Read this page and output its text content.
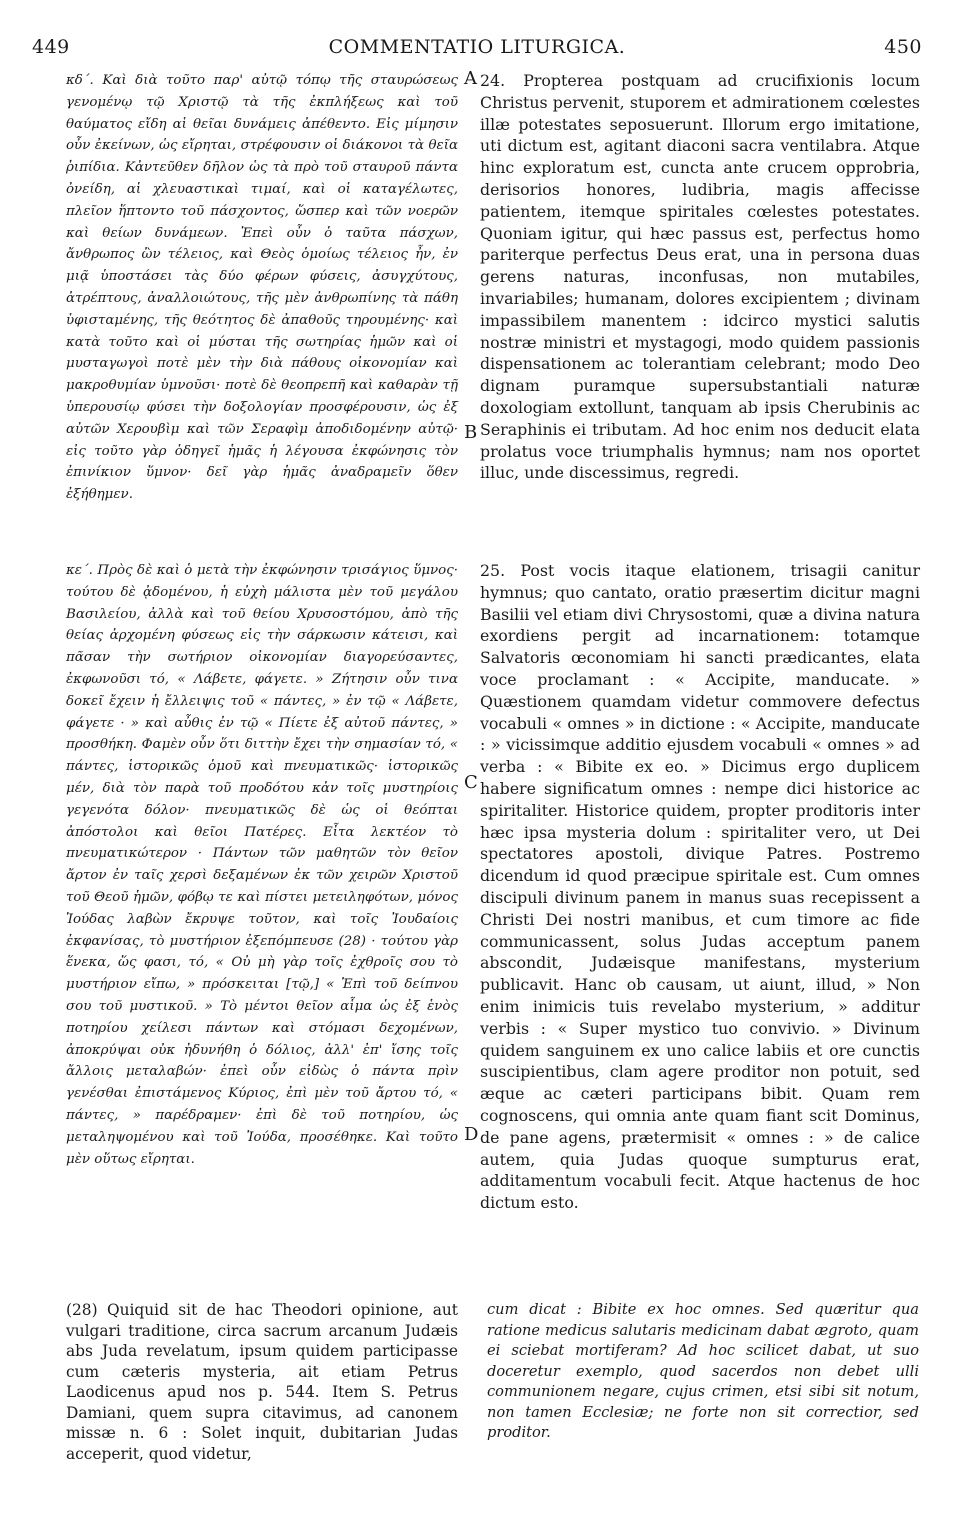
449	COMMENTATIO LITURGICA.	450

κδ΄. Καὶ διὰ τοῦτο παρ' αὐτῷ τόπῳ τῆς σταυρώσεως γενομένῳ τῷ Χριστῷ τὰ τῆς ἐκπλήξεως καὶ τοῦ θαύματος εἴδη αἱ θεῖαι δυνάμεις ἀπέθεντο. Εἰς μίμησιν οὖν ἐκείνων, ὡς εἴρηται, στρέφουσιν οἱ διάκονοι τὰ θεῖα ῥιπίδια. Κἀντεῦθεν δῆλον ὡς τὰ πρὸ τοῦ σταυροῦ πάντα ὀνείδη, αἱ χλευαστικαὶ τιμαί, καὶ οἱ καταγέλωτες, πλεῖον ἥπτοντο τοῦ πάσχοντος, ὥσπερ καὶ τῶν νοερῶν καὶ θείων δυνάμεων. Ἐπεὶ οὖν ὁ ταῦτα πάσχων, ἄνθρωπος ὢν τέλειος, καὶ Θεὸς ὁμοίως τέλειος ἦν, ἐν μιᾷ ὑποστάσει τὰς δύο φέρων φύσεις, ἀσυγχύτους, ἀτρέπτους, ἀναλλοιώτους, τῆς μὲν ἀνθρωπίνης τὰ πάθη ὑφισταμένης, τῆς θεότητος δὲ ἀπαθοῦς τηρουμένης· καὶ κατὰ τοῦτο καὶ οἱ μύσται τῆς σωτηρίας ἡμῶν καὶ οἱ μυσταγωγοὶ ποτὲ μὲν τὴν διὰ πάθους οἰκονομίαν καὶ μακροθυμίαν ὑμνοῦσι· ποτὲ δὲ θεοπρεπῆ καὶ καθαρὰν τῇ ὑπερουσίῳ φύσει τὴν δοξολογίαν προσφέρουσιν, ὡς ἐξ αὐτῶν Χερουβὶμ καὶ τῶν Σεραφὶμ ἀποδιδομένην αὐτῷ· εἰς τοῦτο γὰρ ὁδηγεῖ ἡμᾶς ἡ λέγουσα ἐκφώνησις τὸν ἐπινίκιον ὕμνον· δεῖ γὰρ ἡμᾶς ἀναδραμεῖν ὅθεν ἐξήθημεν.

κε΄. Πρὸς δὲ καὶ ὁ μετὰ τὴν ἐκφώνησιν τρισάγιος ὕμνος· τούτου δὲ ᾀδομένου, ἡ εὐχὴ μάλιστα μὲν τοῦ μεγάλου Βασιλείου, ἀλλὰ καὶ τοῦ θείου Χρυσοστόμου, ἀπὸ τῆς θείας ἀρχομένη φύσεως εἰς τὴν σάρκωσιν κάτεισι, καὶ πᾶσαν τὴν σωτήριον οἰκονομίαν διαγορεύσαντες, ἐκφωνοῦσι τό, « Λάβετε, φάγετε. » Ζήτησιν οὖν τινα δοκεῖ ἔχειν ἡ ἔλλειψις τοῦ « πάντες, » ἐν τῷ « Λάβετε, φάγετε · » καὶ αὖθις ἐν τῷ « Πίετε ἐξ αὐτοῦ πάντες, » προσθήκη. Φαμὲν οὖν ὅτι διττὴν ἔχει τὴν σημασίαν τό, « πάντες, ἱστορικῶς ὁμοῦ καὶ πνευματικῶς· ἱστορικῶς μέν, διὰ τὸν παρὰ τοῦ προδότου κἀν τοῖς μυστηρίοις γεγενότα δόλον· πνευματικῶς δὲ ὡς οἱ θεόπται ἀπόστολοι καὶ θεῖοι Πατέρες. Εἶτα λεκτέον τὸ πνευματικώτερον · Πάντων τῶν μαθητῶν τὸν θεῖον ἄρτον ἐν ταῖς χερσὶ δεξαμένων ἐκ τῶν χειρῶν Χριστοῦ τοῦ Θεοῦ ἡμῶν, φόβῳ τε καὶ πίστει μετειληφότων, μόνος Ἰούδας λαβὼν ἔκρυψε τοῦτον, καὶ τοῖς Ἰουδαίοις ἐκφανίσας, τὸ μυστήριον ἐξεπόμπευσε (28) · τούτου γὰρ ἕνεκα, ὥς φασι, τό, « Οὐ μὴ γὰρ τοῖς ἐχθροῖς σου τὸ μυστήριον εἴπω, » πρόσκειται [τῷ,] « Ἐπὶ τοῦ δείπνου σου τοῦ μυστικοῦ. » Τὸ μέντοι θεῖον αἷμα ὡς ἐξ ἑνὸς ποτηρίου χείλεσι πάντων καὶ στόμασι δεχομένων, ἀποκρύψαι οὐκ ἠδυνήθη ὁ δόλιος, ἀλλ' ἐπ' ἴσης τοῖς ἄλλοις μεταλαβών· ἐπεὶ οὖν εἰδὼς ὁ πάντα πρὶν γενέσθαι ἐπιστάμενος Κύριος, ἐπὶ μὲν τοῦ ἄρτου τό, « πάντες, » παρέδραμεν· ἐπὶ δὲ τοῦ ποτηρίου, ὡς μεταληψομένου καὶ τοῦ Ἰούδα, προσέθηκε. Καὶ τοῦτο μὲν οὕτως εἴρηται.

24. Propterea postquam ad crucifixionis locum Christus pervenit, stuporem et admirationem cœlestes illæ potestates seposuerunt. Illorum ergo imitatione, uti dictum est, agitant diaconi sacra ventilabra. Atque hinc exploratum est, cuncta ante crucem opprobria, derisorios honores, ludibria, magis affecisse patientem, itemque spiritales cœlestes potestates. Quoniam igitur, qui hæc passus est, perfectus homo pariterque perfectus Deus erat, una in persona duas gerens naturas, inconfusas, non mutabiles, invariabiles; humanam, dolores excipientem ; divinam impassibilem manentem : idcirco mystici salutis nostræ ministri et mystagogi, modo quidem passionis dispensationem ac tolerantiam celebrant; modo Deo dignam puramque supersubstantiali naturæ doxologiam extollunt, tanquam ab ipsis Cherubinis ac Seraphinis ei tributam. Ad hoc enim nos deducit elata prolatus voce triumphalis hymnus; nam nos oportet illuc, unde discessimus, regredi.

25. Post vocis itaque elationem, trisagii canitur hymnus; quo cantato, oratio præsertim dicitur magni Basilii vel etiam divi Chrysostomi, quæ a divina natura exordiens pergit ad incarnationem: totamque Salvatoris œconomiam hi sancti prædicantes, elata voce proclamant : « Accipite, manducate. » Quæstionem quamdam videtur commovere defectus vocabuli « omnes » in dictione : « Accipite, manducate : » vicissimque additio ejusdem vocabuli « omnes » ad verba : « Bibite ex eo. » Dicimus ergo duplicem habere significatum omnes : nempe dici historice ac spiritaliter. Historice quidem, propter proditoris inter hæc ipsa mysteria dolum : spiritaliter vero, ut Dei spectatores apostoli, divique Patres. Postremo dicendum id quod præcipue spiritale est. Cum omnes discipuli divinum panem in manus suas recepissent a Christi Dei nostri manibus, et cum timore ac fide communicassent, solus Judas acceptum panem abscondit, Judæisque manifestans, mysterium publicavit. Hanc ob causam, ut aiunt, illud, » Non enim inimicis tuis revelabo mysterium, » additur verbis : « Super mystico tuo convivio. » Divinum quidem sanguinem ex uno calice labiis et ore cunctis suscipientibus, clam agere proditor non potuit, sed æque ac cæteri participans bibit. Quam rem cognoscens, qui omnia ante quam fiant scit Dominus, de pane agens, prætermisit « omnes : » de calice autem, quia Judas quoque sumpturus erat, additamentum vocabuli fecit. Atque hactenus de hoc dictum esto.

A
B
C
D

(28) Quiquid sit de hac Theodori opinione, aut vulgari traditione, circa sacrum arcanum Judæis abs Juda revelatum, ipsum quidem participasse cum cæteris mysteria, ait etiam Petrus Laodicenus apud nos p. 544. Item S. Petrus Damiani, quem supra citavimus, ad canonem missæ n. 6 : Solet inquit, dubitarian Judas acceperit, quod videtur,

cum dicat : Bibite ex hoc omnes. Sed quæritur qua ratione medicus salutaris medicinam dabat ægroto, quam ei sciebat mortiferam? Ad hoc scilicet dabat, ut suo doceretur exemplo, quod sacerdos non debet ulli communionem negare, cujus crimen, etsi sibi sit notum, non tamen Ecclesiæ; ne forte non sit correctior, sed proditor.
